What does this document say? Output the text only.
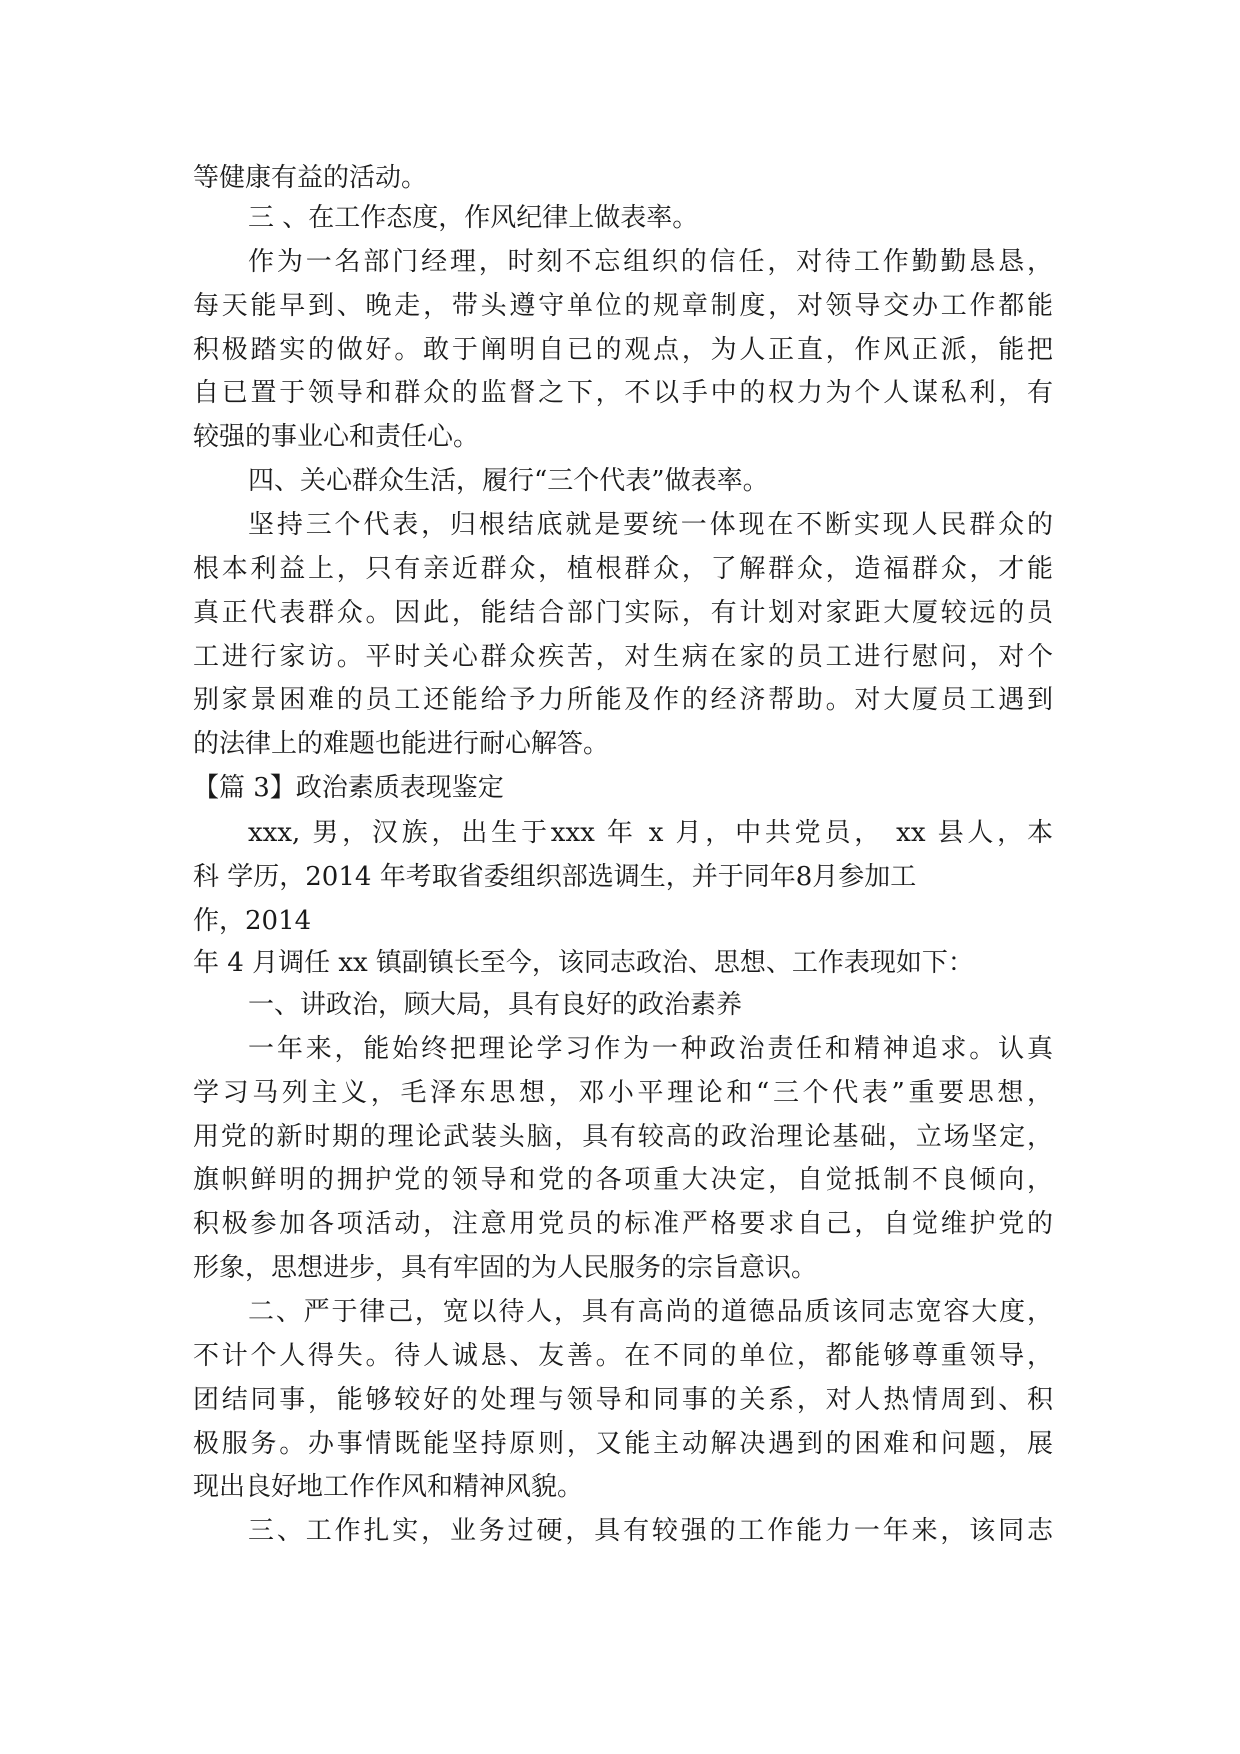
等健康有益的活动。
三 、在工作态度，作风纪律上做表率。
作为一名部门经理，时刻不忘组织的信任，对待工作勤勤恳恳，
每天能早到、晚走，带头遵守单位的规章制度，对领导交办工作都能
积极踏实的做好。敢于阐明自已的观点，为人正直，作风正派，能把
自已置于领导和群众的监督之下，不以手中的权力为个人谋私利，有
较强的事业心和责任心。
四、关心群众生活，履行“三个代表”做表率。
坚持三个代表，归根结底就是要统一体现在不断实现人民群众的
根本利益上，只有亲近群众，植根群众，了解群众，造福群众，才能
真正代表群众。因此，能结合部门实际，有计划对家距大厦较远的员
工进行家访。平时关心群众疾苦，对生病在家的员工进行慰问，对个
别家景困难的员工还能给予力所能及作的经济帮助。对大厦员工遇到
的法律上的难题也能进行耐心解答。
【篇 3】政治素质表现鉴定
xxx, 男，汉族，出生于xxx 年 x 月，中共党员， xx 县人，本
科 学历，2014 年考取省委组织部选调生，并于同年8月参加工
作，2014
年 4 月调任 xx 镇副镇长至今，该同志政治、思想、工作表现如下：
一、讲政治，顾大局，具有良好的政治素养
一年来，能始终把理论学习作为一种政治责任和精神追求。认真
学习马列主义，毛泽东思想，邓小平理论和“三个代表”重要思想，
用党的新时期的理论武装头脑，具有较高的政治理论基础，立场坚定，
旗帜鲜明的拥护党的领导和党的各项重大决定，自觉抵制不良倾向，
积极参加各项活动，注意用党员的标准严格要求自己，自觉维护党的
形象，思想进步，具有牢固的为人民服务的宗旨意识。
二、严于律己，宽以待人，具有高尚的道德品质该同志宽容大度，
不计个人得失。待人诚恳、友善。在不同的单位，都能够尊重领导，
团结同事，能够较好的处理与领导和同事的关系，对人热情周到、积
极服务。办事情既能坚持原则，又能主动解决遇到的困难和问题，展
现出良好地工作作风和精神风貌。
三、工作扎实，业务过硬，具有较强的工作能力一年来，该同志
